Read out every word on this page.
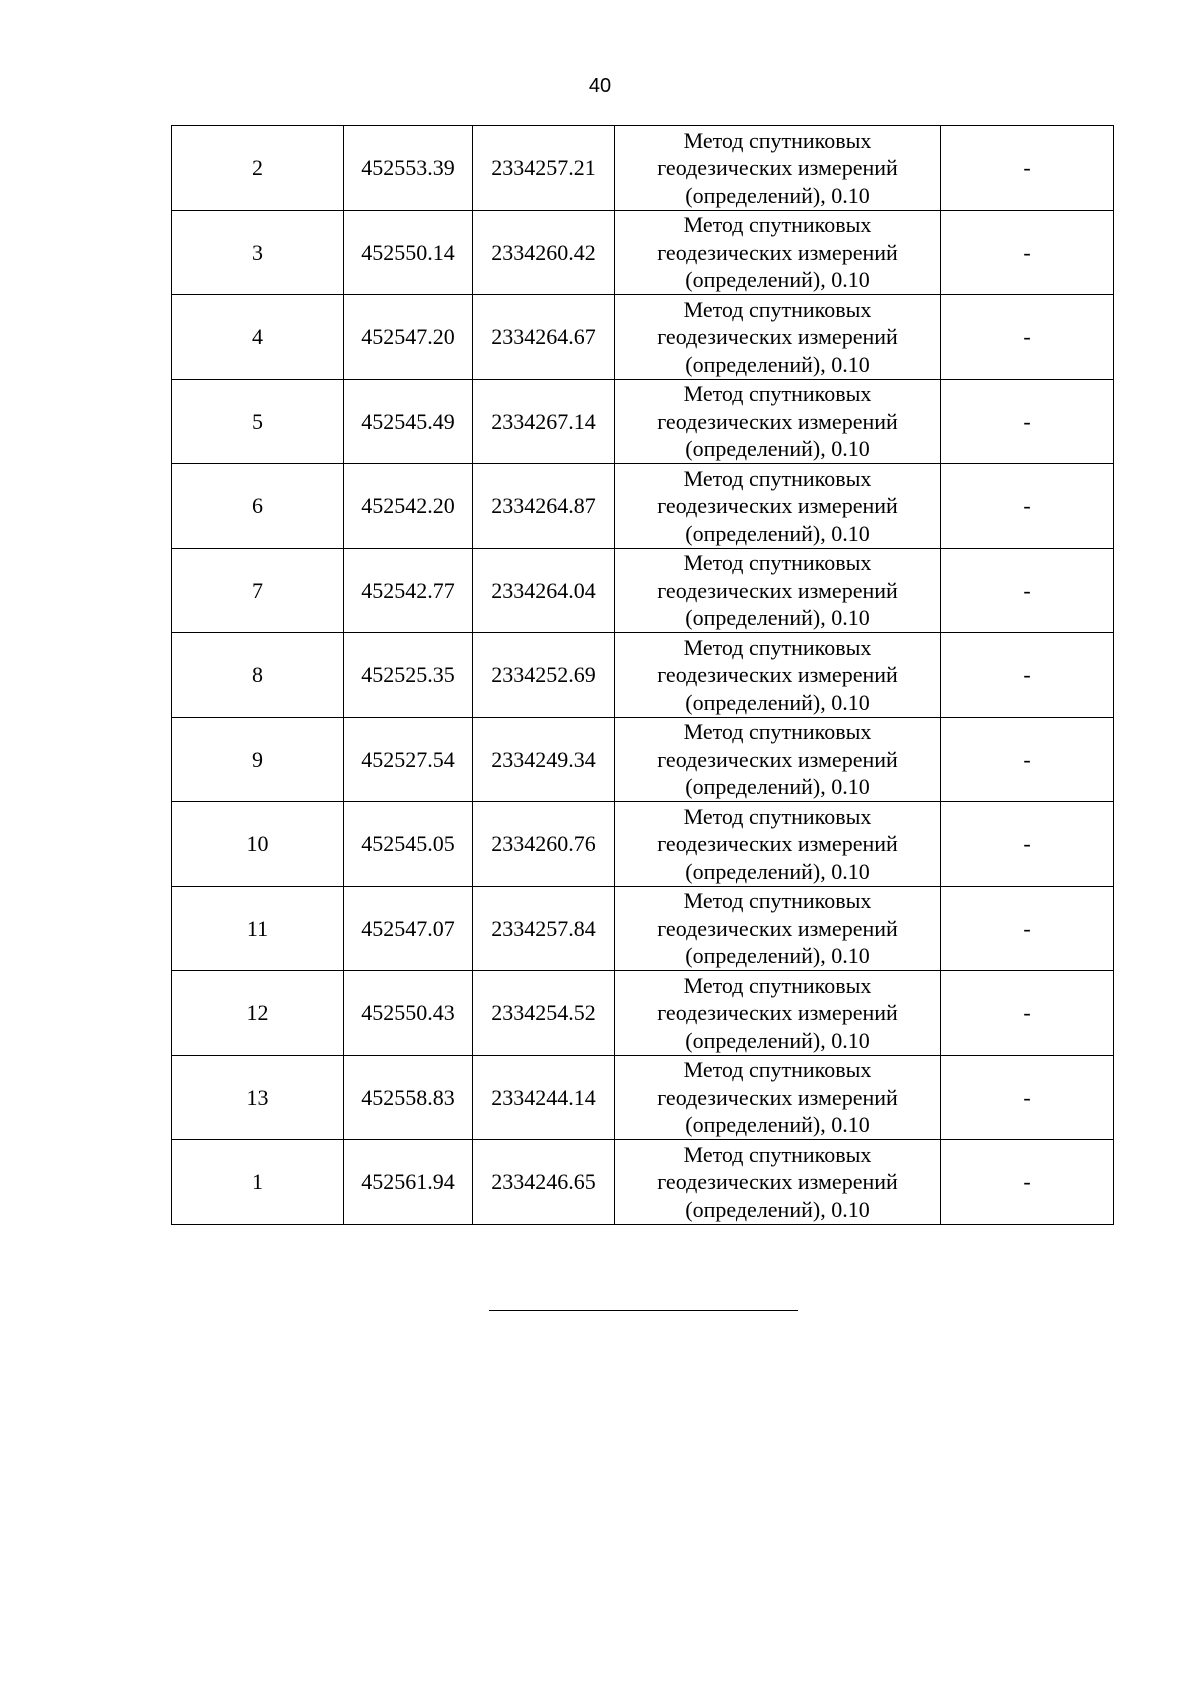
40
2	452553.39	2334257.21	Метод спутниковых
геодезических измерений
(определений), 0.10	-
3	452550.14	2334260.42	Метод спутниковых
геодезических измерений
(определений), 0.10	-
4	452547.20	2334264.67	Метод спутниковых
геодезических измерений
(определений), 0.10	-
5	452545.49	2334267.14	Метод спутниковых
геодезических измерений
(определений), 0.10	-
6	452542.20	2334264.87	Метод спутниковых
геодезических измерений
(определений), 0.10	-
7	452542.77	2334264.04	Метод спутниковых
геодезических измерений
(определений), 0.10	-
8	452525.35	2334252.69	Метод спутниковых
геодезических измерений
(определений), 0.10	-
9	452527.54	2334249.34	Метод спутниковых
геодезических измерений
(определений), 0.10	-
10	452545.05	2334260.76	Метод спутниковых
геодезических измерений
(определений), 0.10	-
11	452547.07	2334257.84	Метод спутниковых
геодезических измерений
(определений), 0.10	-
12	452550.43	2334254.52	Метод спутниковых
геодезических измерений
(определений), 0.10	-
13	452558.83	2334244.14	Метод спутниковых
геодезических измерений
(определений), 0.10	-
1	452561.94	2334246.65	Метод спутниковых
геодезических измерений
(определений), 0.10	-
